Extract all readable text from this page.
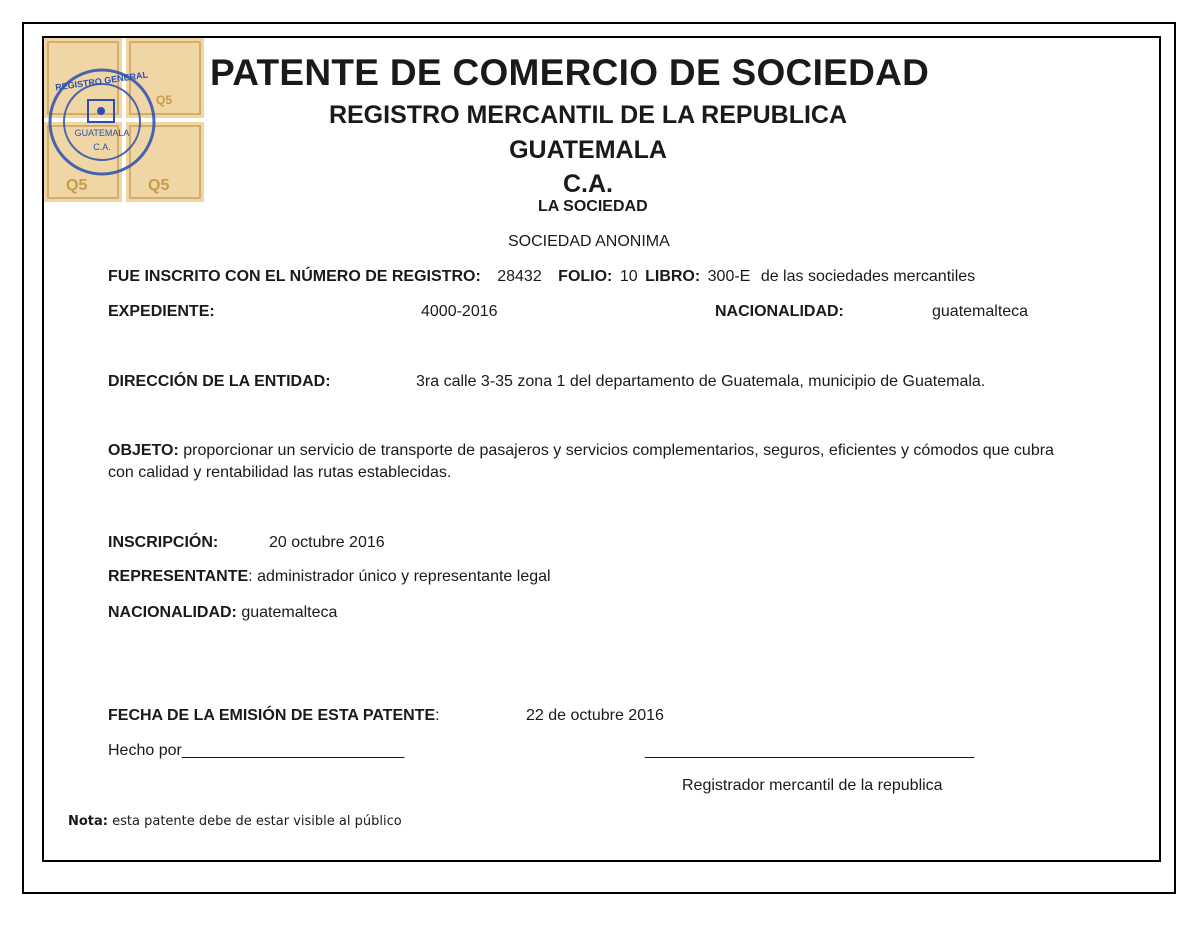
Q5	Q5
Q5
REGISTRO GENERAL
GUATEMALA
C.A.
PATENTE DE COMERCIO DE SOCIEDAD
REGISTRO MERCANTIL DE LA REPUBLICA
GUATEMALA
C.A.
LA SOCIEDAD
SOCIEDAD ANONIMA
FUE INSCRITO CON EL NÚMERO DE REGISTRO: 28432 FOLIO: 10 LIBRO: 300-E de las sociedades mercantiles
EXPEDIENTE:	4000-2016	NACIONALIDAD:	guatemalteca
DIRECCIÓN DE LA ENTIDAD:	3ra calle 3-35 zona 1 del departamento de Guatemala, municipio de Guatemala.
OBJETO: proporcionar un servicio de transporte de pasajeros y servicios complementarios, seguros, eficientes y cómodos que cubra con calidad y rentabilidad las rutas establecidas.
INSCRIPCIÓN:	20 octubre 2016
REPRESENTANTE: administrador único y representante legal
NACIONALIDAD: guatemalteca
FECHA DE LA EMISIÓN DE ESTA PATENTE:	22 de octubre 2016
Hecho por_________________________	_____________________________________
Registrador mercantil de la republica
Nota: esta patente debe de estar visible al público
